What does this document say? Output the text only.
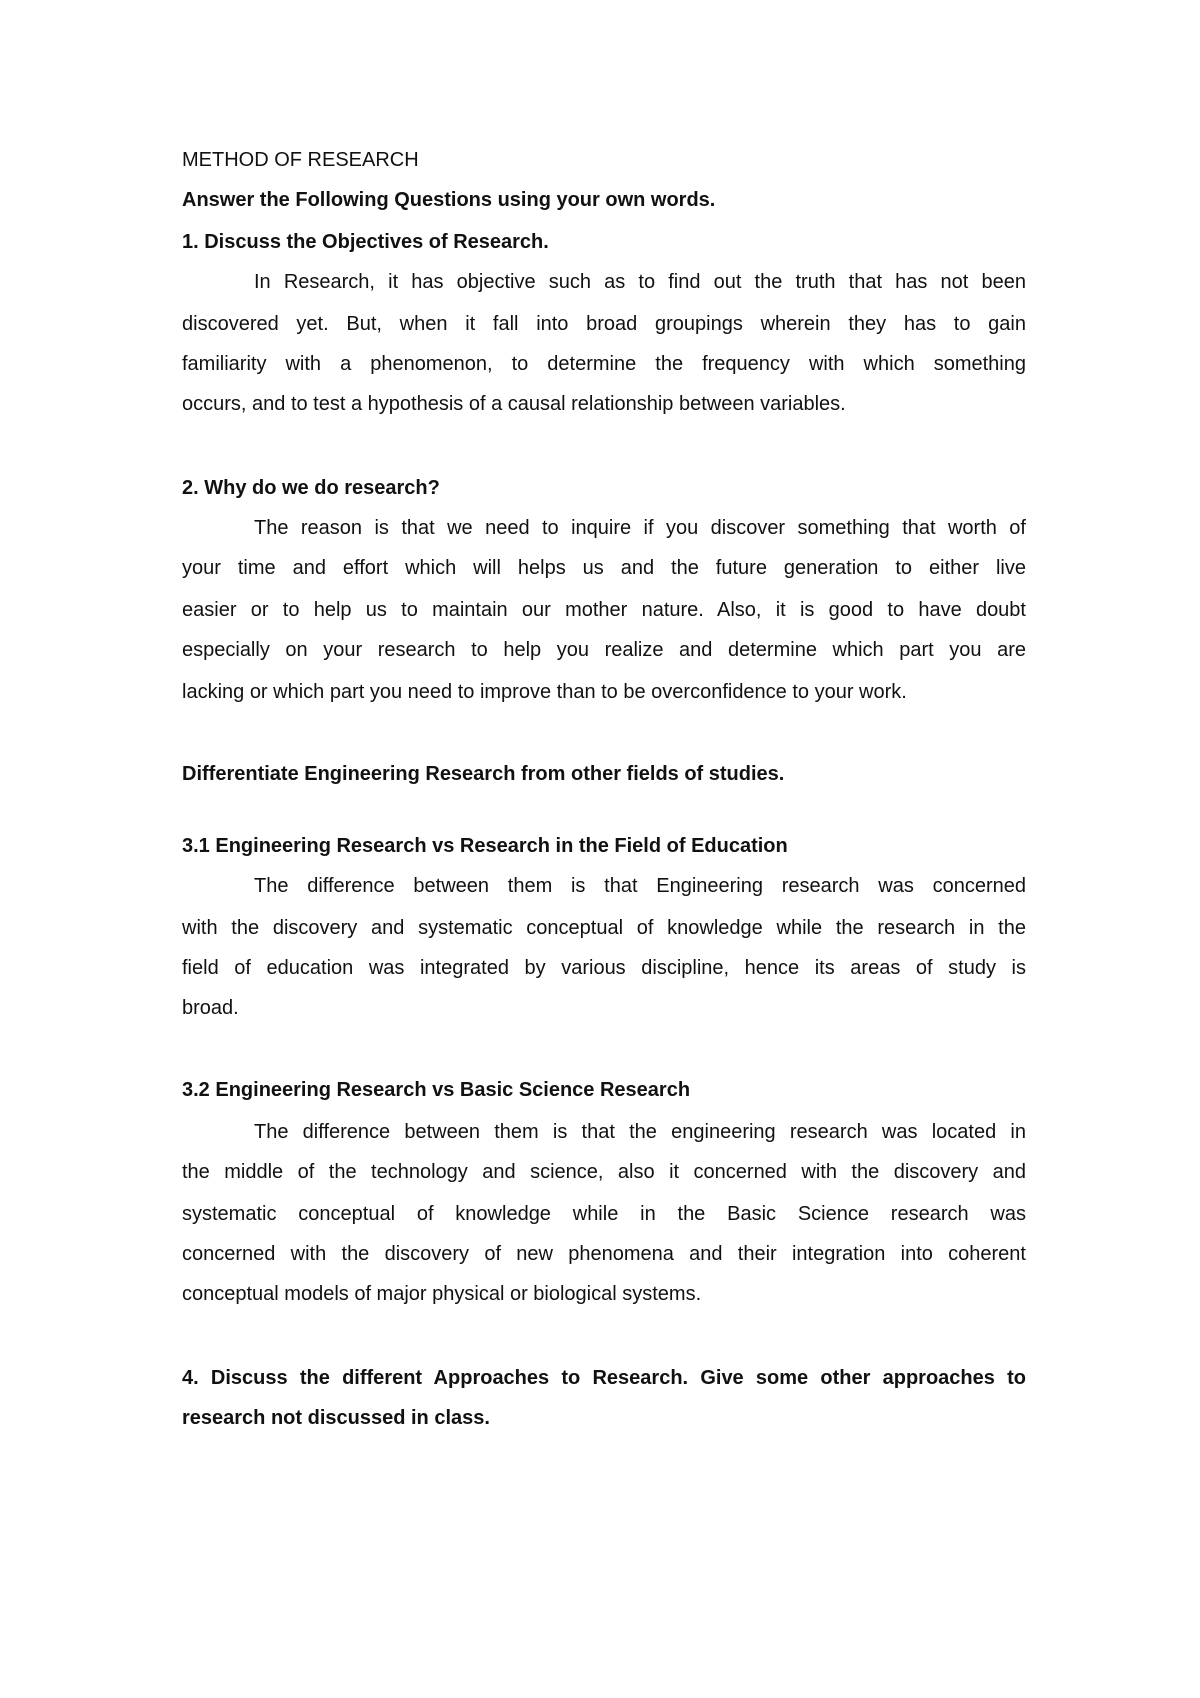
METHOD OF RESEARCH
Answer the Following Questions using your own words.
1. Discuss the Objectives of Research.
In Research, it has objective such as to find out the truth that has not been
discovered yet. But, when it fall into broad groupings wherein they has to gain
familiarity with a phenomenon, to determine the frequency with which something
occurs, and to test a hypothesis of a causal relationship between variables.
2. Why do we do research?
The reason is that we need to inquire if you discover something that worth of
your time and effort which will helps us and the future generation to either live
easier or to help us to maintain our mother nature. Also, it is good to have doubt
especially on your research to help you realize and determine which part you are
lacking or which part you need to improve than to be overconfidence to your work.
Differentiate Engineering Research from other fields of studies.
3.1 Engineering Research vs Research in the Field of Education
The difference between them is that Engineering research was concerned
with the discovery and systematic conceptual of knowledge while the research in the
field of education was integrated by various discipline, hence its areas of study is
broad.
3.2 Engineering Research vs Basic Science Research
The difference between them is that the engineering research was located in
the middle of the technology and science, also it concerned with the discovery and
systematic conceptual of knowledge while in the Basic Science research was
concerned with the discovery of new phenomena and their integration into coherent
conceptual models of major physical or biological systems.
4. Discuss the different Approaches to Research. Give some other approaches to
research not discussed in class.
